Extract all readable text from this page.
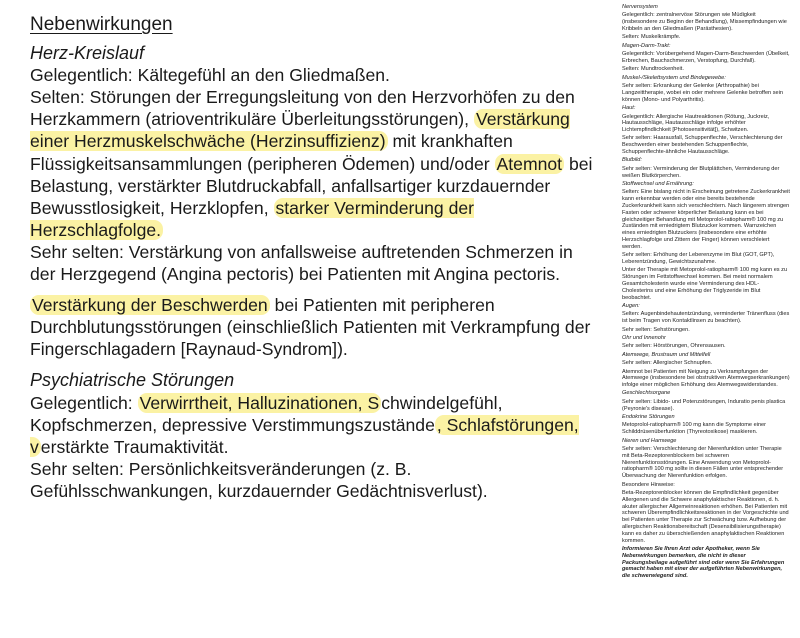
Nebenwirkungen
Herz-Kreislauf

Gelegentlich: Kältegefühl an den Gliedmaßen.

Selten: Störungen der Erregungsleitung von den Herzvorhöfen zu den Herzkammern (atrioventrikuläre Überleitungsstörungen), Verstärkung einer Herzmuskelschwäche (Herzinsuffizienz) mit krankhaften Flüssigkeitsansammlungen (peripheren Ödemen) und/oder Atemnot bei Belastung, verstärkter Blutdruckabfall, anfallsartiger kurzdauernder Bewusstlosigkeit, Herzklopfen, starker Verminderung der Herzschlagfolge.

Sehr selten: Verstärkung von anfallsweise auftretenden Schmerzen in der Herzgegend (Angina pectoris) bei Patienten mit Angina pectoris.

Verstärkung der Beschwerden bei Patienten mit peripheren Durchblutungsstörungen (einschließlich Patienten mit Verkrampfung der Fingerschlagadern [Raynaud-Syndrom]).

Psychiatrische Störungen

Gelegentlich: Verwirrtheit, Halluzinationen, S chwindelgefühl, Kopfschmerzen, depressive Verstimmungszustände , Schlafstörungen, v erstärkte Traumaktivität.

Sehr selten: Persönlichkeitsveränderungen (z. B. Gefühlsschwankungen, kurzdauernder Gedächtnisverlust).

Nervensystem

Gelegentlich: zentralnervöse Störungen wie Müdigkeit (insbesondere zu Beginn der Behandlung), Missempfindungen wie Kribbeln an den Gliedmaßen (Parästhesien).

Selten: Muskelkrämpfe.

Magen-Darm-Trakt:

Gelegentlich: Vorübergehend Magen-Darm-Beschwerden (Übelkeit, Erbrechen, Bauchschmerzen, Verstopfung, Durchfall).

Selten: Mundtrockenheit.

Muskel-/Skelettsystem und Bindegewebe:

Sehr selten: Erkrankung der Gelenke (Arthropathie) bei Langzeittherapie, wobei ein oder mehrere Gelenke betroffen sein können (Mono- und Polyarthritis).

Haut:

Gelegentlich: Allergische Hautreaktionen (Rötung, Juckreiz, Hautausschläge, Hautausschläge infolge erhöhter Lichtempfindlichkeit [Photosensitivität]), Schwitzen.

Sehr selten: Haarausfall, Schuppenflechte, Verschlechterung der Beschwerden einer bestehenden Schuppenflechte, Schuppenflechte-ähnliche Hautausschläge.

Blutbild:

Sehr selten: Verminderung der Blutplättchen, Verminderung der weißen Blutkörperchen.

Stoffwechsel und Ernährung:

Selten: Eine bislang nicht in Erscheinung getretene Zuckerkrankheit kann erkennbar werden oder eine bereits bestehende Zuckerkrankheit kann sich verschlechtern. Nach längerem strengen Fasten oder schwerer körperlicher Belastung kann es bei gleichzeitiger Behandlung mit Metoprolol-ratiopharm® 100 mg zu Zuständen mit erniedrigtem Blutzucker kommen. Warnzeichen eines erniedrigten Blutzuckers (insbesondere eine erhöhte Herzschlagfolge und Zittern der Finger) können verschleiert werden.

Sehr selten: Erhöhung der Leberenzyme im Blut (GOT, GPT), Leberentzündung, Gewichtszunahme.

Unter der Therapie mit Metoprolol-ratiopharm® 100 mg kann es zu Störungen im Fettstoffwechsel kommen. Bei meist normalem Gesamtcholesterin wurde eine Verminderung des HDL-Cholesterins und eine Erhöhung der Triglyzeride im Blut beobachtet.

Augen:

Selten: Augenbindehautentzündung, verminderter Tränenfluss (dies ist beim Tragen von Kontaktlinsen zu beachten).

Sehr selten: Sehstörungen.

Ohr und Innenohr

Sehr selten: Hörstörungen, Ohrensausen.

Atemwege, Brustraum und Mittelfell

Sehr selten: Allergischer Schnupfen.

Atemnot bei Patienten mit Neigung zu Verkrampfungen der Atemwege (insbesondere bei obstruktiven Atemwegserkrankungen) infolge einer möglichen Erhöhung des Atemwegswiderstandes.

Geschlechtsorgane

Sehr selten: Libido- und Potenzstörungen, Induratio penis plastica (Peyronie's disease).

Endokrine Störungen

Metoprolol-ratiopharm® 100 mg kann die Symptome einer Schilddrüsenüberfunktion (Thyreotoxikose) maskieren.

Nieren und Harnwege

Sehr selten: Verschlechterung der Nierenfunktion unter Therapie mit Beta-Rezeptorenblockern bei schweren Nierenfunktionsstörungen. Eine Anwendung von Metoprolol-ratiopharm® 100 mg sollte in diesen Fällen unter entsprechender Überwachung der Nierenfunktion erfolgen.

Besondere Hinweise:

Beta-Rezeptorenblocker können die Empfindlichkeit gegenüber Allergenen und die Schwere anaphylaktischer Reaktionen, d. h. akuter allergischer Allgemeinreaktionen erhöhen. Bei Patienten mit schweren Überempfindlichkeitsreaktionen in der Vorgeschichte und bei Patienten unter Therapie zur Schwächung bzw. Aufhebung der allergischen Reaktionsbereitschaft (Desensibilisierungstherapie) kann es daher zu überschießenden anaphylaktischen Reaktionen kommen.

Informieren Sie Ihren Arzt oder Apotheker, wenn Sie Nebenwirkungen bemerken, die nicht in dieser Packungsbeilage aufgeführt sind oder wenn Sie Erfahrungen gemacht haben mit einer der aufgeführten Nebenwirkungen, die schwerwiegend sind.
